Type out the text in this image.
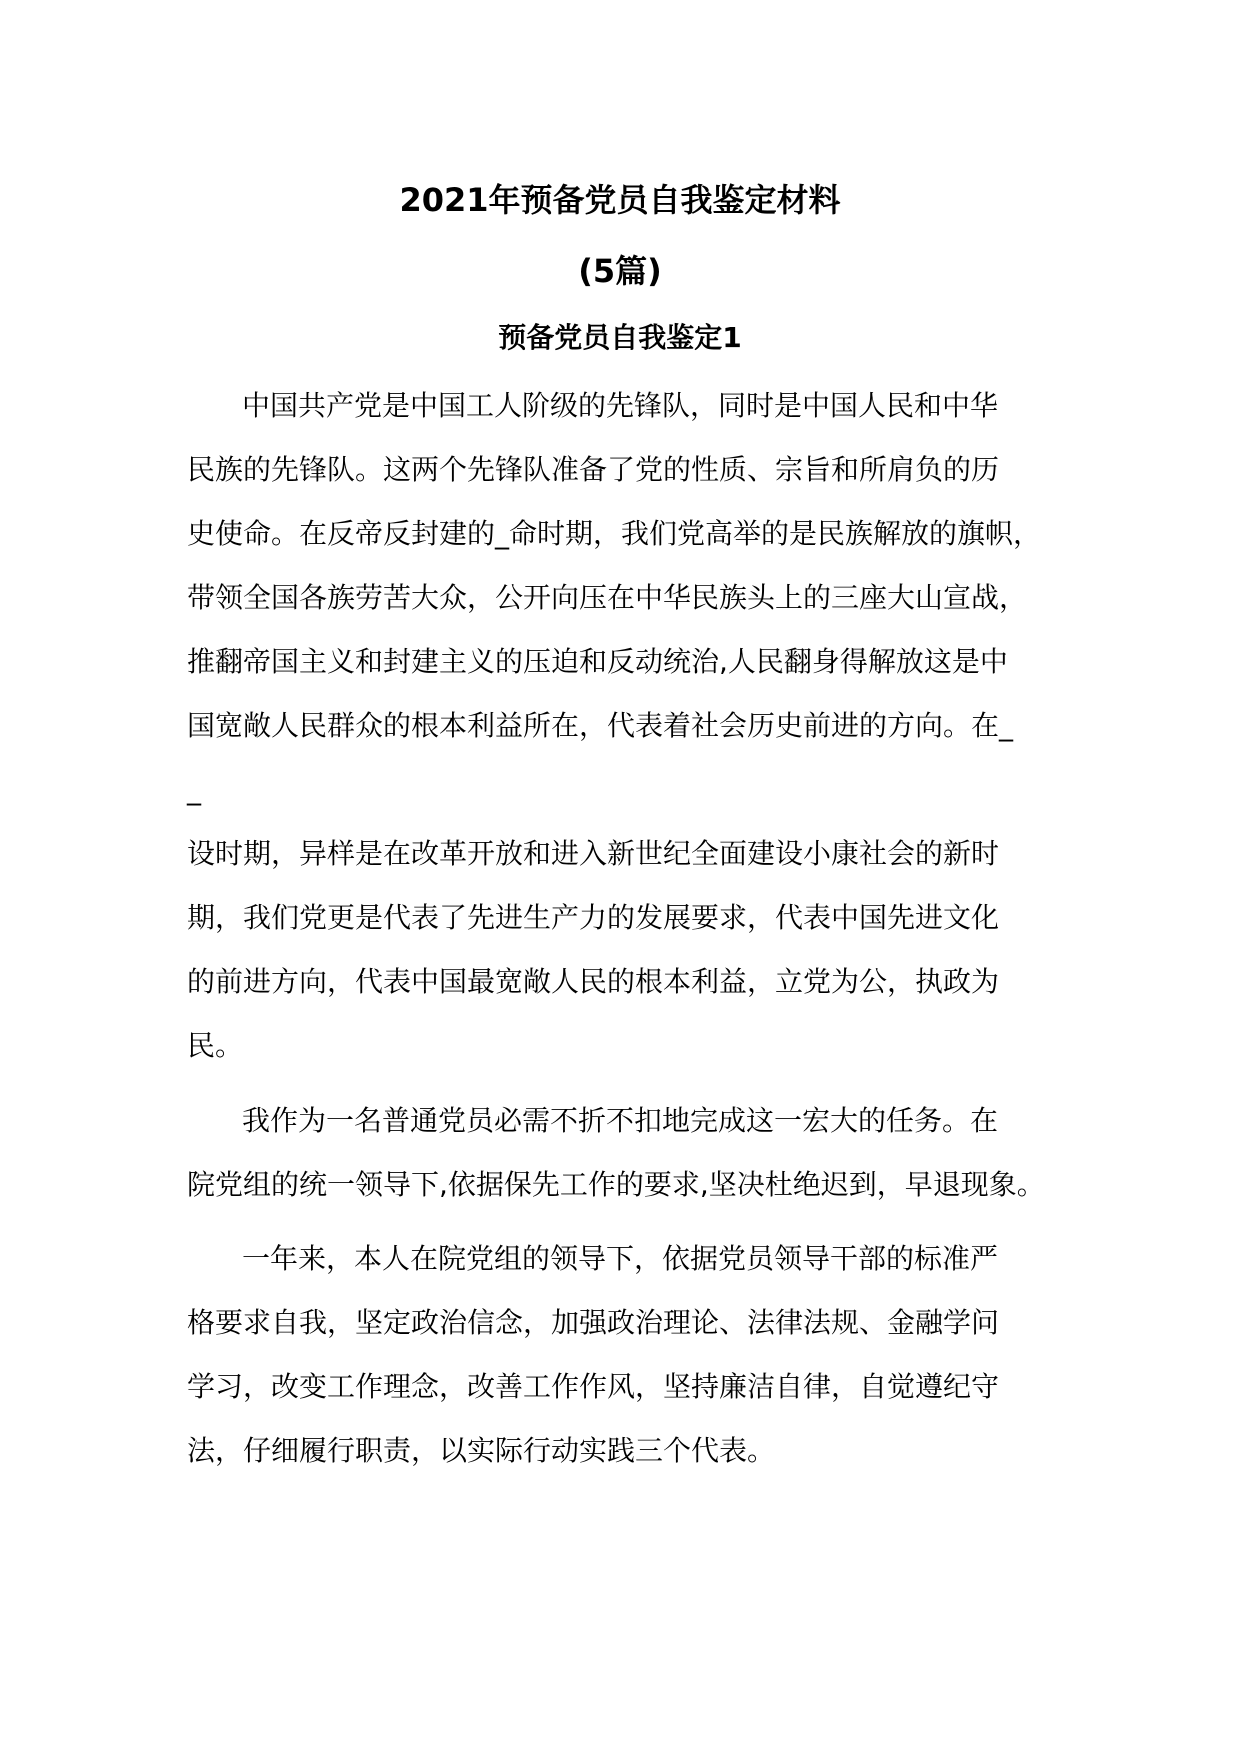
2021年预备党员自我鉴定材料
(5篇)
预备党员自我鉴定1
中国共产党是中国工人阶级的先锋队，同时是中国人民和中华
民族的先锋队。这两个先锋队准备了党的性质、宗旨和所肩负的历
史使命。在反帝反封建的_命时期，我们党高举的是民族解放的旗帜，
带领全国各族劳苦大众，公开向压在中华民族头上的三座大山宣战，
推翻帝国主义和封建主义的压迫和反动统治,人民翻身得解放这是中
国宽敞人民群众的根本利益所在，代表着社会历史前进的方向。在_
_
设时期，异样是在改革开放和进入新世纪全面建设小康社会的新时
期，我们党更是代表了先进生产力的发展要求，代表中国先进文化
的前进方向，代表中国最宽敞人民的根本利益，立党为公，执政为
民。
我作为一名普通党员必需不折不扣地完成这一宏大的任务。在
院党组的统一领导下,依据保先工作的要求,坚决杜绝迟到，早退现象。
一年来，本人在院党组的领导下，依据党员领导干部的标准严
格要求自我，坚定政治信念，加强政治理论、法律法规、金融学问
学习，改变工作理念，改善工作作风，坚持廉洁自律，自觉遵纪守
法，仔细履行职责，以实际行动实践三个代表。
